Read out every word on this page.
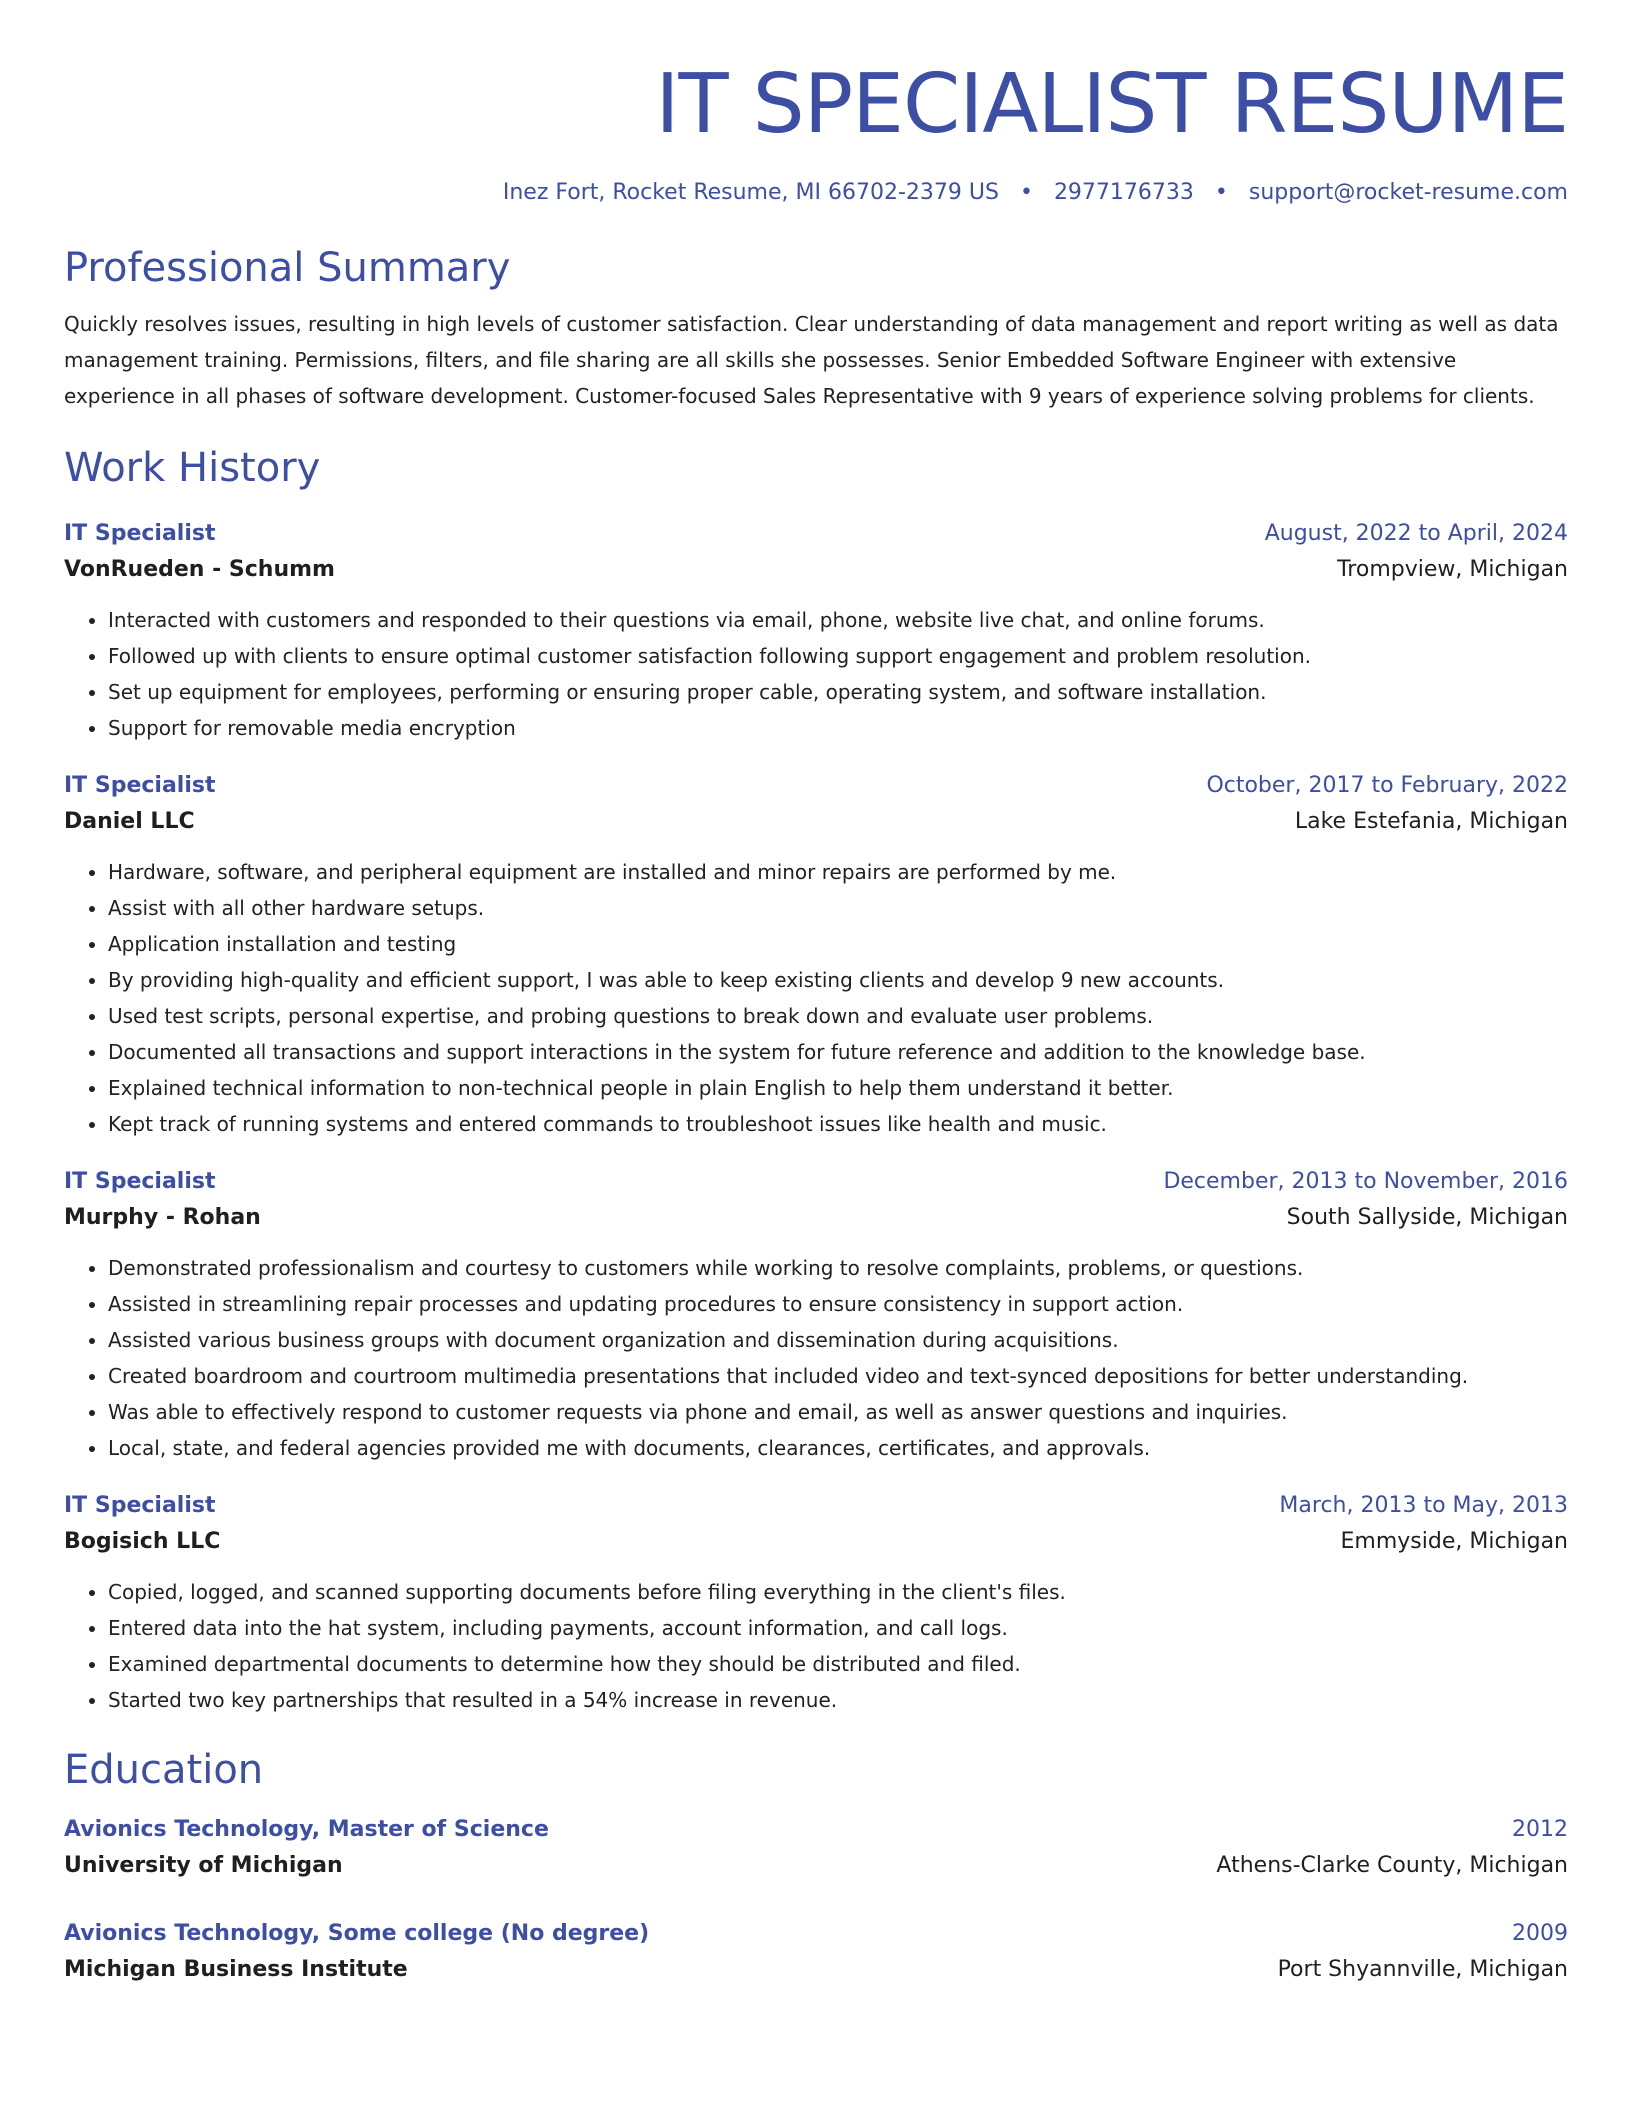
IT SPECIALIST RESUME
Inez Fort, Rocket Resume, MI 66702-2379 US • 2977176733 • support@rocket-resume.com
Professional Summary
Quickly resolves issues, resulting in high levels of customer satisfaction. Clear understanding of data management and report writing as well as data management training. Permissions, filters, and file sharing are all skills she possesses. Senior Embedded Software Engineer with extensive experience in all phases of software development. Customer-focused Sales Representative with 9 years of experience solving problems for clients.
Work History
IT Specialist	August, 2022 to April, 2024
VonRueden - Schumm	Trompview, Michigan
• Interacted with customers and responded to their questions via email, phone, website live chat, and online forums.
• Followed up with clients to ensure optimal customer satisfaction following support engagement and problem resolution.
• Set up equipment for employees, performing or ensuring proper cable, operating system, and software installation.
• Support for removable media encryption
IT Specialist	October, 2017 to February, 2022
Daniel LLC	Lake Estefania, Michigan
• Hardware, software, and peripheral equipment are installed and minor repairs are performed by me.
• Assist with all other hardware setups.
• Application installation and testing
• By providing high-quality and efficient support, I was able to keep existing clients and develop 9 new accounts.
• Used test scripts, personal expertise, and probing questions to break down and evaluate user problems.
• Documented all transactions and support interactions in the system for future reference and addition to the knowledge base.
• Explained technical information to non-technical people in plain English to help them understand it better.
• Kept track of running systems and entered commands to troubleshoot issues like health and music.
IT Specialist	December, 2013 to November, 2016
Murphy - Rohan	South Sallyside, Michigan
• Demonstrated professionalism and courtesy to customers while working to resolve complaints, problems, or questions.
• Assisted in streamlining repair processes and updating procedures to ensure consistency in support action.
• Assisted various business groups with document organization and dissemination during acquisitions.
• Created boardroom and courtroom multimedia presentations that included video and text-synced depositions for better understanding.
• Was able to effectively respond to customer requests via phone and email, as well as answer questions and inquiries.
• Local, state, and federal agencies provided me with documents, clearances, certificates, and approvals.
IT Specialist	March, 2013 to May, 2013
Bogisich LLC	Emmyside, Michigan
• Copied, logged, and scanned supporting documents before filing everything in the client's files.
• Entered data into the hat system, including payments, account information, and call logs.
• Examined departmental documents to determine how they should be distributed and filed.
• Started two key partnerships that resulted in a 54% increase in revenue.
Education
Avionics Technology, Master of Science	2012
University of Michigan	Athens-Clarke County, Michigan
Avionics Technology, Some college (No degree)	2009
Michigan Business Institute	Port Shyannville, Michigan
